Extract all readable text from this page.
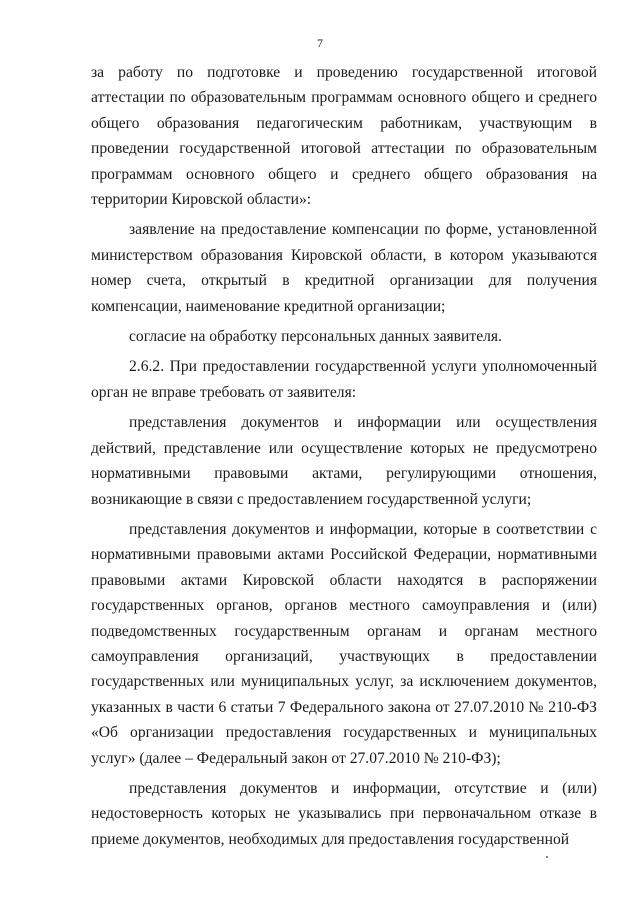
7

за работу по подготовке и проведению государственной итоговой аттестации по образовательным программам основного общего и среднего общего образования педагогическим работникам, участвующим в проведении государственной итоговой аттестации по образовательным программам основного общего и среднего общего образования на территории Кировской области»:

заявление на предоставление компенсации по форме, установленной министерством образования Кировской области, в котором указываются номер счета, открытый в кредитной организации для получения компенсации, наименование кредитной организации;

согласие на обработку персональных данных заявителя.

2.6.2. При предоставлении государственной услуги уполномоченный орган не вправе требовать от заявителя:

представления документов и информации или осуществления действий, представление или осуществление которых не предусмотрено нормативными правовыми актами, регулирующими отношения, возникающие в связи с предоставлением государственной услуги;

представления документов и информации, которые в соответствии с нормативными правовыми актами Российской Федерации, нормативными правовыми актами Кировской области находятся в распоряжении государственных органов, органов местного самоуправления и (или) подведомственных государственным органам и органам местного самоуправления организаций, участвующих в предоставлении государственных или муниципальных услуг, за исключением документов, указанных в части 6 статьи 7 Федерального закона от 27.07.2010 № 210-ФЗ «Об организации предоставления государственных и муниципальных услуг» (далее – Федеральный закон от 27.07.2010 № 210-ФЗ);

представления документов и информации, отсутствие и (или) недостоверность которых не указывались при первоначальном отказе в приеме документов, необходимых для предоставления государственной
